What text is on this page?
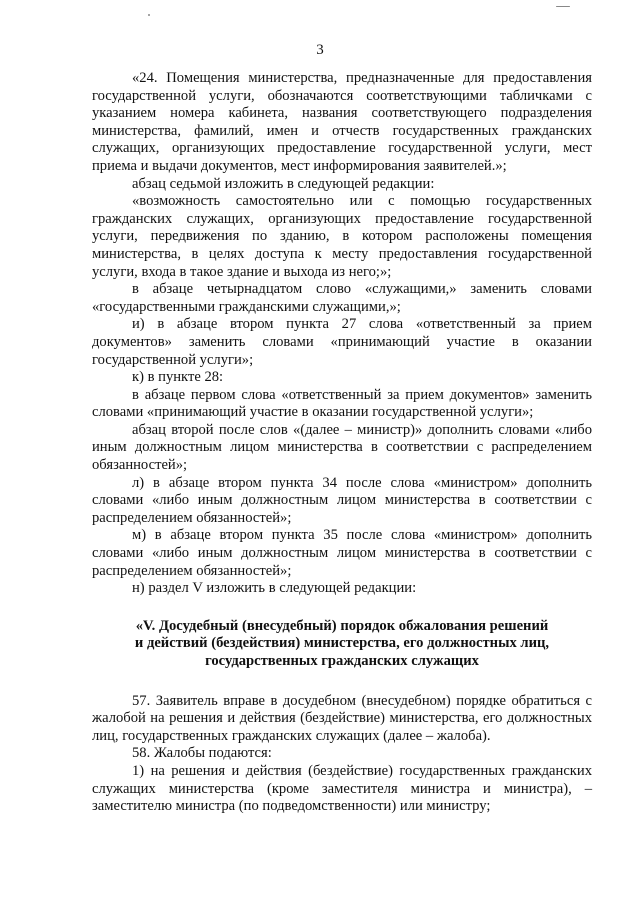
3

«24. Помещения министерства, предназначенные для предоставления государственной услуги, обозначаются соответствующими табличками с указанием номера кабинета, названия соответствующего подразделения министерства, фамилий, имен и отчеств государственных гражданских служащих, организующих предоставление государственной услуги, мест приема и выдачи документов, мест информирования заявителей.»;

абзац седьмой изложить в следующей редакции:

«возможность самостоятельно или с помощью государственных гражданских служащих, организующих предоставление государственной услуги, передвижения по зданию, в котором расположены помещения министерства, в целях доступа к месту предоставления государственной услуги, входа в такое здание и выхода из него;»;

в абзаце четырнадцатом слово «служащими,» заменить словами «государственными гражданскими служащими,»;

и) в абзаце втором пункта 27 слова «ответственный за прием документов» заменить словами «принимающий участие в оказании государственной услуги»;

к) в пункте 28:

в абзаце первом слова «ответственный за прием документов» заменить словами «принимающий участие в оказании государственной услуги»;

абзац второй после слов «(далее – министр)» дополнить словами «либо иным должностным лицом министерства в соответствии с распределением обязанностей»;

л) в абзаце втором пункта 34 после слова «министром» дополнить словами «либо иным должностным лицом министерства в соответствии с распределением обязанностей»;

м) в абзаце втором пункта 35 после слова «министром» дополнить словами «либо иным должностным лицом министерства в соответствии с распределением обязанностей»;

н) раздел V изложить в следующей редакции:

«V. Досудебный (внесудебный) порядок обжалования решений
и действий (бездействия) министерства, его должностных лиц,
государственных гражданских служащих

57. Заявитель вправе в досудебном (внесудебном) порядке обратиться с жалобой на решения и действия (бездействие) министерства, его должностных лиц, государственных гражданских служащих (далее – жалоба).

58. Жалобы подаются:

1) на решения и действия (бездействие) государственных гражданских служащих министерства (кроме заместителя министра и министра), – заместителю министра (по подведомственности) или министру;
